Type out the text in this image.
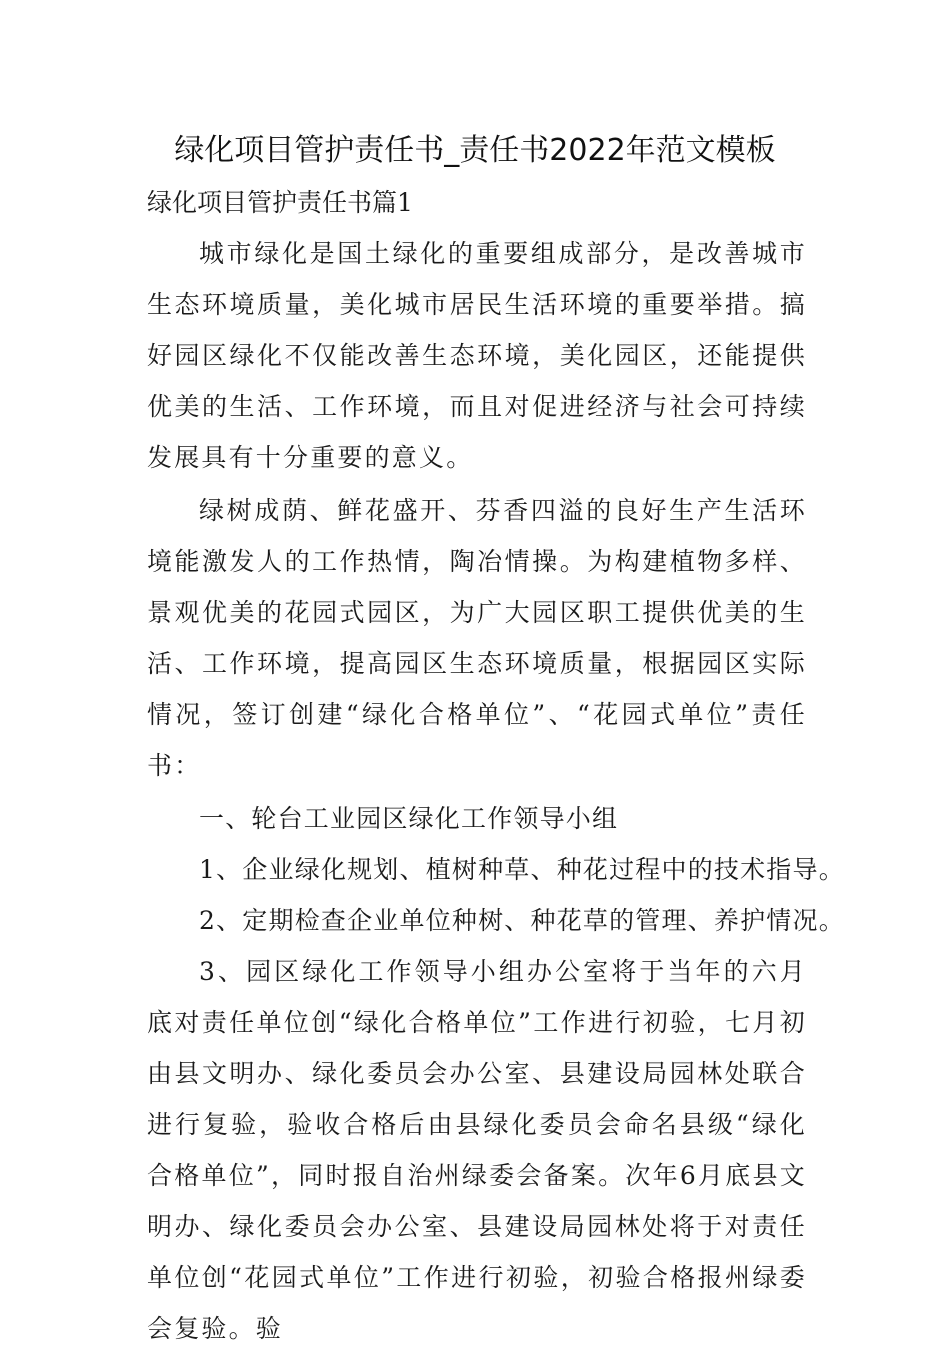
绿化项目管护责任书_责任书2022年范文模板
绿化项目管护责任书篇1

城市绿化是国土绿化的重要组成部分，是改善城市生态环境质量，美化城市居民生活环境的重要举措。搞好园区绿化不仅能改善生态环境，美化园区，还能提供优美的生活、工作环境，而且对促进经济与社会可持续发展具有十分重要的意义。

绿树成荫、鲜花盛开、芬香四溢的良好生产生活环境能激发人的工作热情，陶冶情操。为构建植物多样、景观优美的花园式园区，为广大园区职工提供优美的生活、工作环境，提高园区生态环境质量，根据园区实际情况，签订创建“绿化合格单位”、“花园式单位”责任书：

一、轮台工业园区绿化工作领导小组

1、企业绿化规划、植树种草、种花过程中的技术指导。

2、定期检查企业单位种树、种花草的管理、养护情况。

3、园区绿化工作领导小组办公室将于当年的六月底对责任单位创“绿化合格单位”工作进行初验，七月初由县文明办、绿化委员会办公室、县建设局园林处联合进行复验，验收合格后由县绿化委员会命名县级“绿化合格单位”，同时报自治州绿委会备案。次年6月底县文明办、绿化委员会办公室、县建设局园林处将于对责任单位创“花园式单位”工作进行初验，初验合格报州绿委会复验。验
